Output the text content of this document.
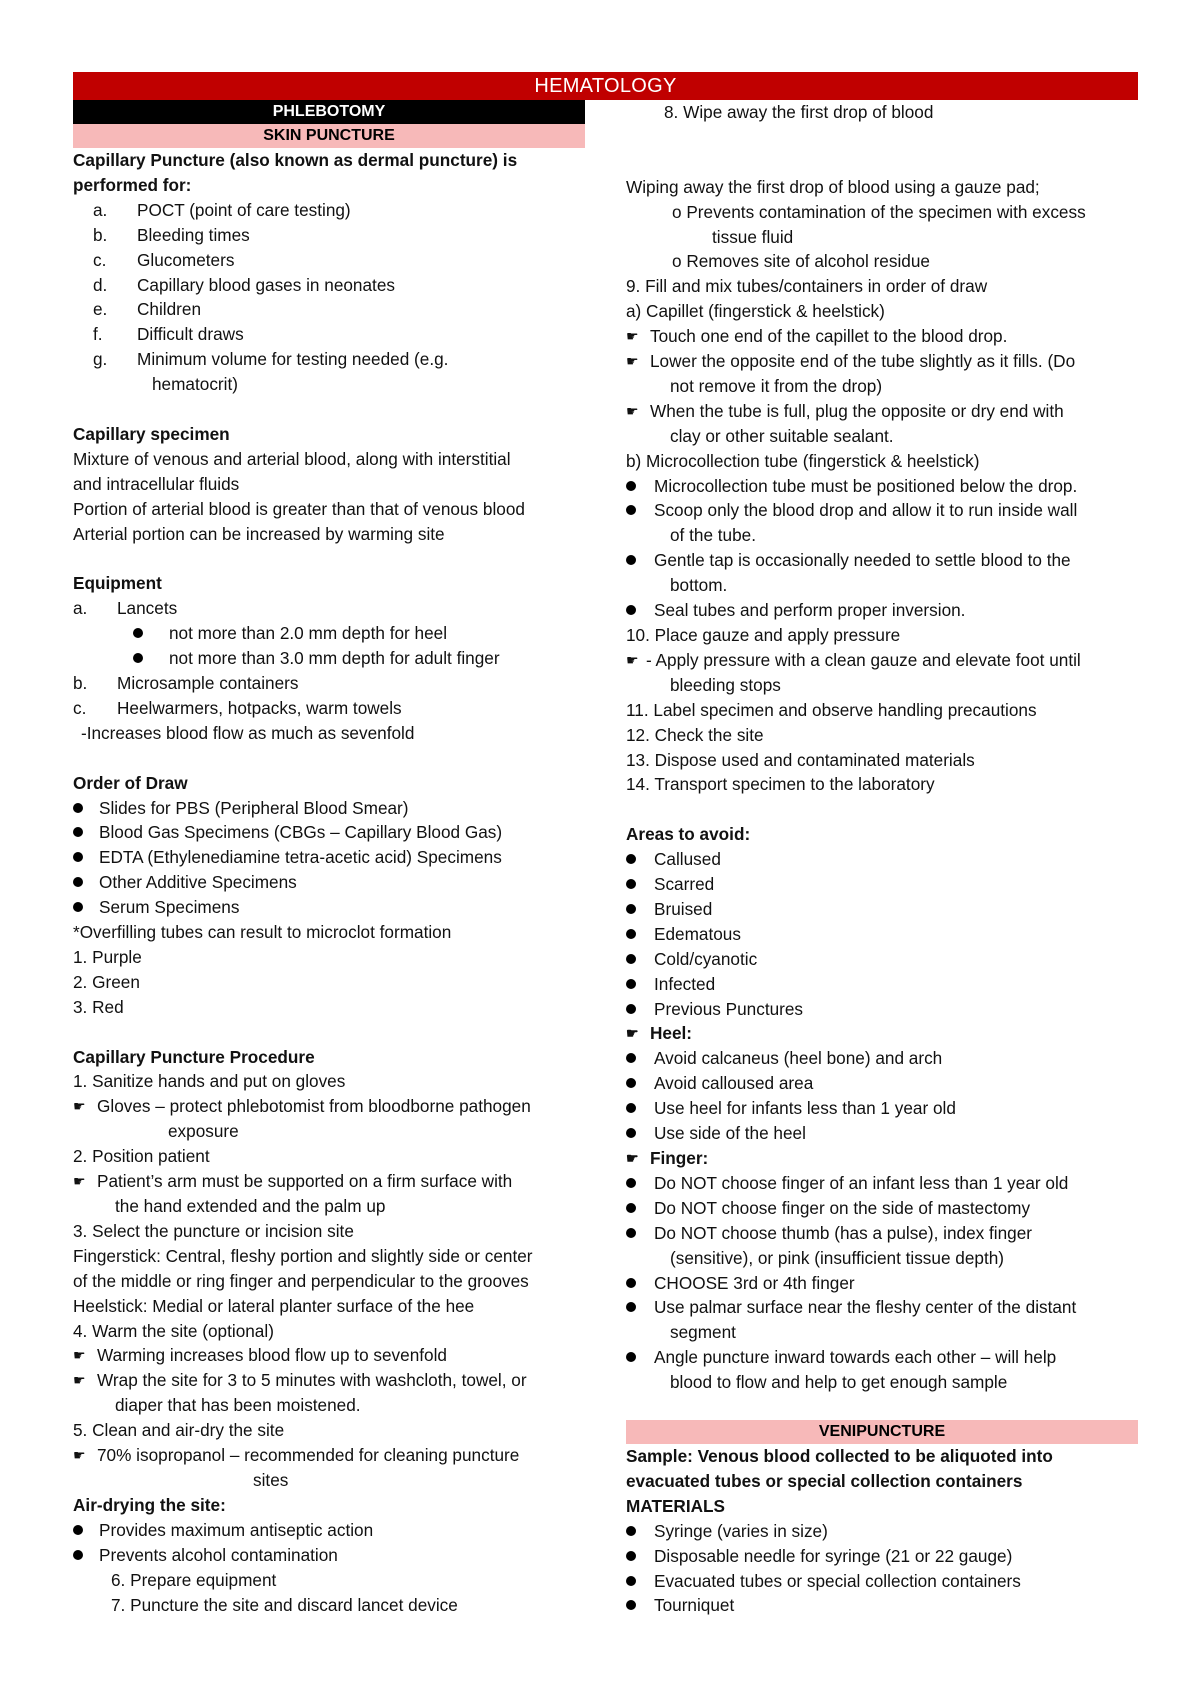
HEMATOLOGY
PHLEBOTOMY
SKIN PUNCTURE
Capillary Puncture (also known as dermal puncture) is
performed for:
a.	POCT (point of care testing)
b.	Bleeding times
c.	Glucometers
d.	Capillary blood gases in neonates
e.	Children
f.	Difficult draws
g.	Minimum volume for testing needed (e.g.
hematocrit)
Capillary specimen
Mixture of venous and arterial blood, along with interstitial
and intracellular fluids
Portion of arterial blood is greater than that of venous blood
Arterial portion can be increased by warming site
Equipment
a.	Lancets
not more than 2.0 mm depth for heel
not more than 3.0 mm depth for adult finger
b.	Microsample containers
c.	Heelwarmers, hotpacks, warm towels
-Increases blood flow as much as sevenfold
Order of Draw
Slides for PBS (Peripheral Blood Smear)
Blood Gas Specimens (CBGs – Capillary Blood Gas)
EDTA (Ethylenediamine tetra-acetic acid) Specimens
Other Additive Specimens
Serum Specimens
*Overfilling tubes can result to microclot formation
1. Purple
2. Green
3. Red
Capillary Puncture Procedure
1. Sanitize hands and put on gloves
☛ Gloves – protect phlebotomist from bloodborne pathogen
exposure
2. Position patient
☛ Patient’s arm must be supported on a firm surface with
the hand extended and the palm up
3. Select the puncture or incision site
Fingerstick: Central, fleshy portion and slightly side or center
of the middle or ring finger and perpendicular to the grooves
Heelstick: Medial or lateral planter surface of the hee
4. Warm the site (optional)
☛ Warming increases blood flow up to sevenfold
☛ Wrap the site for 3 to 5 minutes with washcloth, towel, or
diaper that has been moistened.
5. Clean and air-dry the site
☛ 70% isopropanol – recommended for cleaning puncture
sites
Air-drying the site:
Provides maximum antiseptic action
Prevents alcohol contamination
6. Prepare equipment
7. Puncture the site and discard lancet device
8. Wipe away the first drop of blood
Wiping away the first drop of blood using a gauze pad;
o Prevents contamination of the specimen with excess
tissue fluid
o Removes site of alcohol residue
9. Fill and mix tubes/containers in order of draw
a) Capillet (fingerstick & heelstick)
☛ Touch one end of the capillet to the blood drop.
☛ Lower the opposite end of the tube slightly as it fills. (Do
not remove it from the drop)
☛ When the tube is full, plug the opposite or dry end with
clay or other suitable sealant.
b) Microcollection tube (fingerstick & heelstick)
Microcollection tube must be positioned below the drop.
Scoop only the blood drop and allow it to run inside wall
of the tube.
Gentle tap is occasionally needed to settle blood to the
bottom.
Seal tubes and perform proper inversion.
10. Place gauze and apply pressure
☛ - Apply pressure with a clean gauze and elevate foot until
bleeding stops
11. Label specimen and observe handling precautions
12. Check the site
13. Dispose used and contaminated materials
14. Transport specimen to the laboratory
Areas to avoid:
Callused
Scarred
Bruised
Edematous
Cold/cyanotic
Infected
Previous Punctures
☛ Heel:
Avoid calcaneus (heel bone) and arch
Avoid calloused area
Use heel for infants less than 1 year old
Use side of the heel
☛ Finger:
Do NOT choose finger of an infant less than 1 year old
Do NOT choose finger on the side of mastectomy
Do NOT choose thumb (has a pulse), index finger
(sensitive), or pink (insufficient tissue depth)
CHOOSE 3rd or 4th finger
Use palmar surface near the fleshy center of the distant
segment
Angle puncture inward towards each other – will help
blood to flow and help to get enough sample
VENIPUNCTURE
Sample: Venous blood collected to be aliquoted into
evacuated tubes or special collection containers
MATERIALS
Syringe (varies in size)
Disposable needle for syringe (21 or 22 gauge)
Evacuated tubes or special collection containers
Tourniquet
